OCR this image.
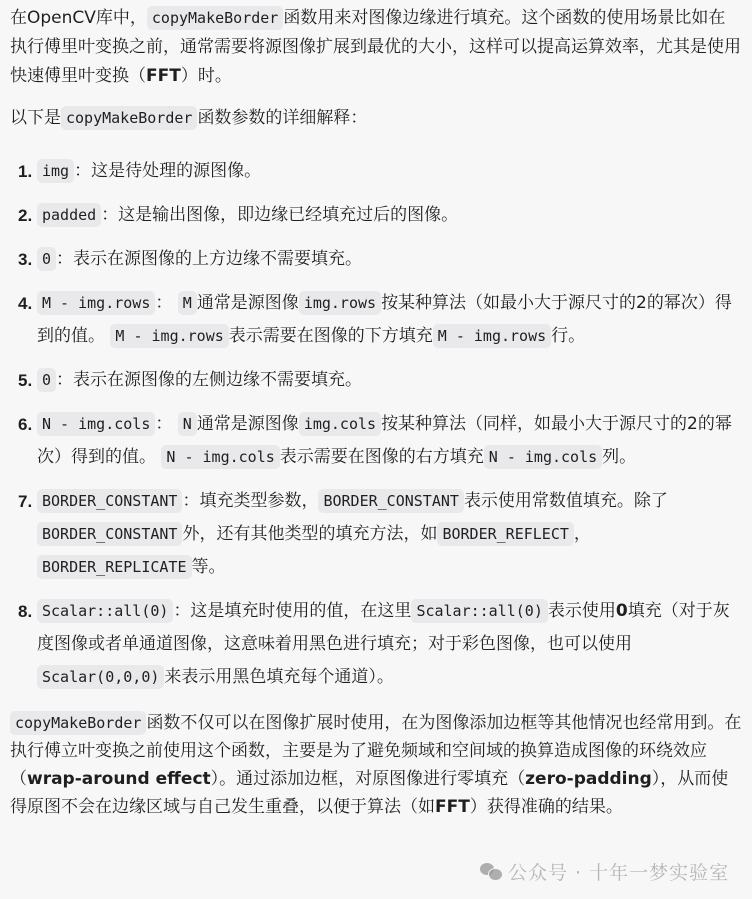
在OpenCV库中， copyMakeBorder 函数用来对图像边缘进行填充。这个函数的使用场景比如在执行傅里叶变换之前，通常需要将源图像扩展到最优的大小，这样可以提高运算效率，尤其是使用快速傅里叶变换（FFT）时。

以下是 copyMakeBorder 函数参数的详细解释：

1. img ：这是待处理的源图像。
2. padded ：这是输出图像，即边缘已经填充过后的图像。
3. 0 ：表示在源图像的上方边缘不需要填充。
4. M - img.rows ： M 通常是源图像 img.rows 按某种算法（如最小大于源尺寸的2的幂次）得到的值。 M - img.rows 表示需要在图像的下方填充 M - img.rows 行。
5. 0 ：表示在源图像的左侧边缘不需要填充。
6. N - img.cols ： N 通常是源图像 img.cols 按某种算法（同样，如最小大于源尺寸的2的幂次）得到的值。 N - img.cols 表示需要在图像的右方填充 N - img.cols 列。
7. BORDER_CONSTANT ：填充类型参数， BORDER_CONSTANT 表示使用常数值填充。除了BORDER_CONSTANT 外，还有其他类型的填充方法，如 BORDER_REFLECT ，BORDER_REPLICATE 等。
8. Scalar::all(0) ：这是填充时使用的值，在这里 Scalar::all(0) 表示使用0填充（对于灰度图像或者单通道图像，这意味着用黑色进行填充；对于彩色图像，也可以使用Scalar(0,0,0) 来表示用黑色填充每个通道）。

copyMakeBorder 函数不仅可以在图像扩展时使用，在为图像添加边框等其他情况也经常用到。在执行傅立叶变换之前使用这个函数，主要是为了避免频域和空间域的换算造成图像的环绕效应（wrap-around effect）。通过添加边框，对原图像进行零填充（zero-padding），从而使得原图不会在边缘区域与自己发生重叠，以便于算法（如FFT）获得准确的结果。

公众号 · 十年一梦实验室
